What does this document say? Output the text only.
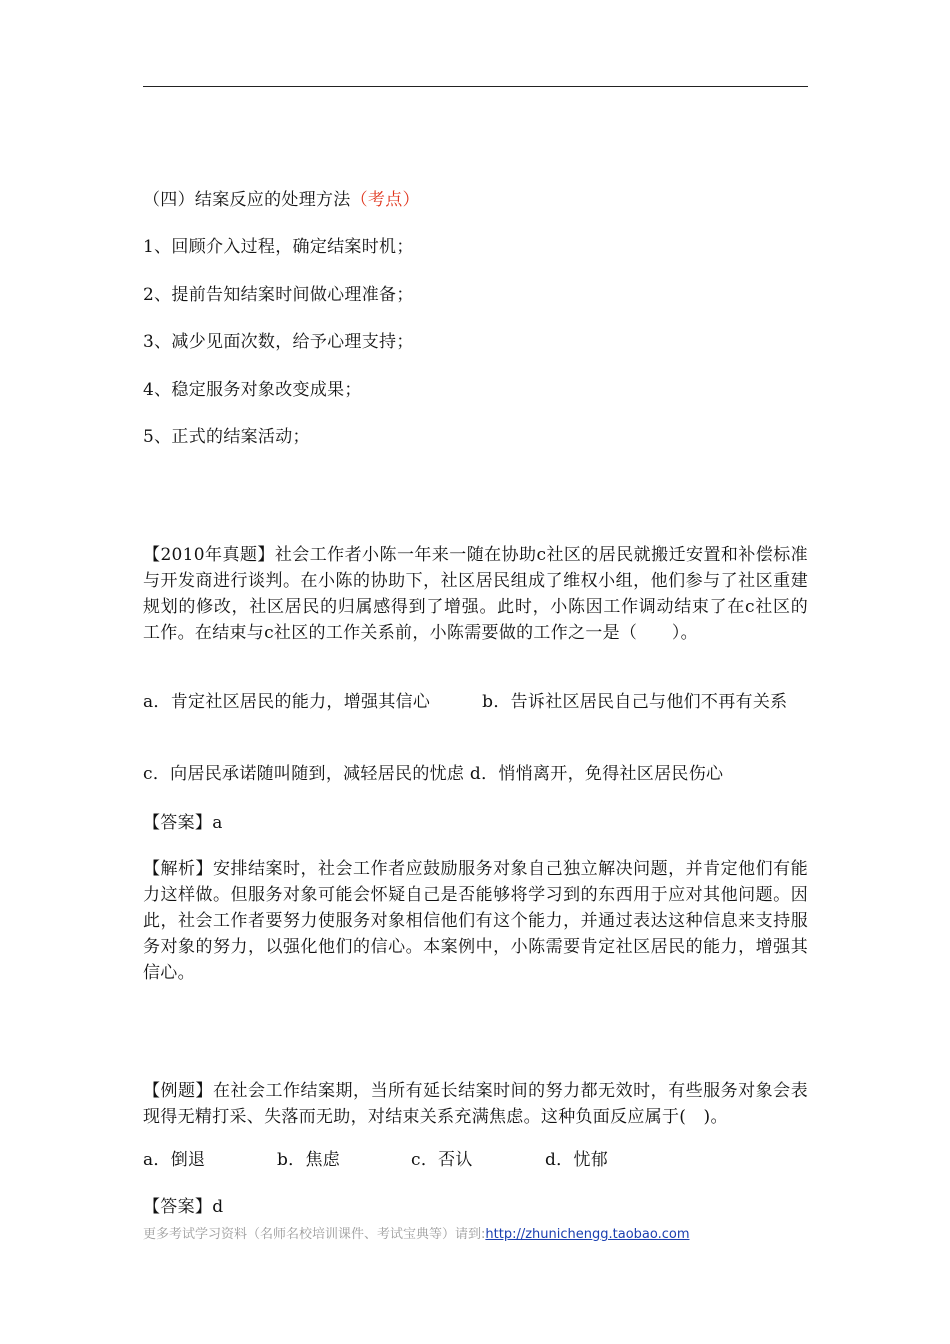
（四）结案反应的处理方法（考点）
1、回顾介入过程，确定结案时机；
2、提前告知结案时间做心理准备；
3、减少见面次数，给予心理支持；
4、稳定服务对象改变成果；
5、正式的结案活动；
【2010年真题】社会工作者小陈一年来一随在协助c社区的居民就搬迁安置和补偿标准与开发商进行谈判。在小陈的协助下，社区居民组成了维权小组，他们参与了社区重建规划的修改，社区居民的归属感得到了增强。此时，小陈因工作调动结束了在c社区的工作。在结束与c社区的工作关系前，小陈需要做的工作之一是（　　）。
a．肯定社区居民的能力，增强其信心　　　b．告诉社区居民自己与他们不再有关系
c．向居民承诺随叫随到，减轻居民的忧虑 d．悄悄离开，免得社区居民伤心
【答案】a
【解析】安排结案时，社会工作者应鼓励服务对象自己独立解决问题，并肯定他们有能力这样做。但服务对象可能会怀疑自己是否能够将学习到的东西用于应对其他问题。因此，社会工作者要努力使服务对象相信他们有这个能力，并通过表达这种信息来支持服务对象的努力，以强化他们的信心。本案例中，小陈需要肯定社区居民的能力，增强其信心。
【例题】在社会工作结案期，当所有延长结案时间的努力都无效时，有些服务对象会表现得无精打采、失落而无助，对结束关系充满焦虑。这种负面反应属于(　)。
a．倒退	b．焦虑	c．否认	d．忧郁
【答案】d
更多考试学习资料（名师名校培训课件、考试宝典等）请到:http://zhunichengg.taobao.com
